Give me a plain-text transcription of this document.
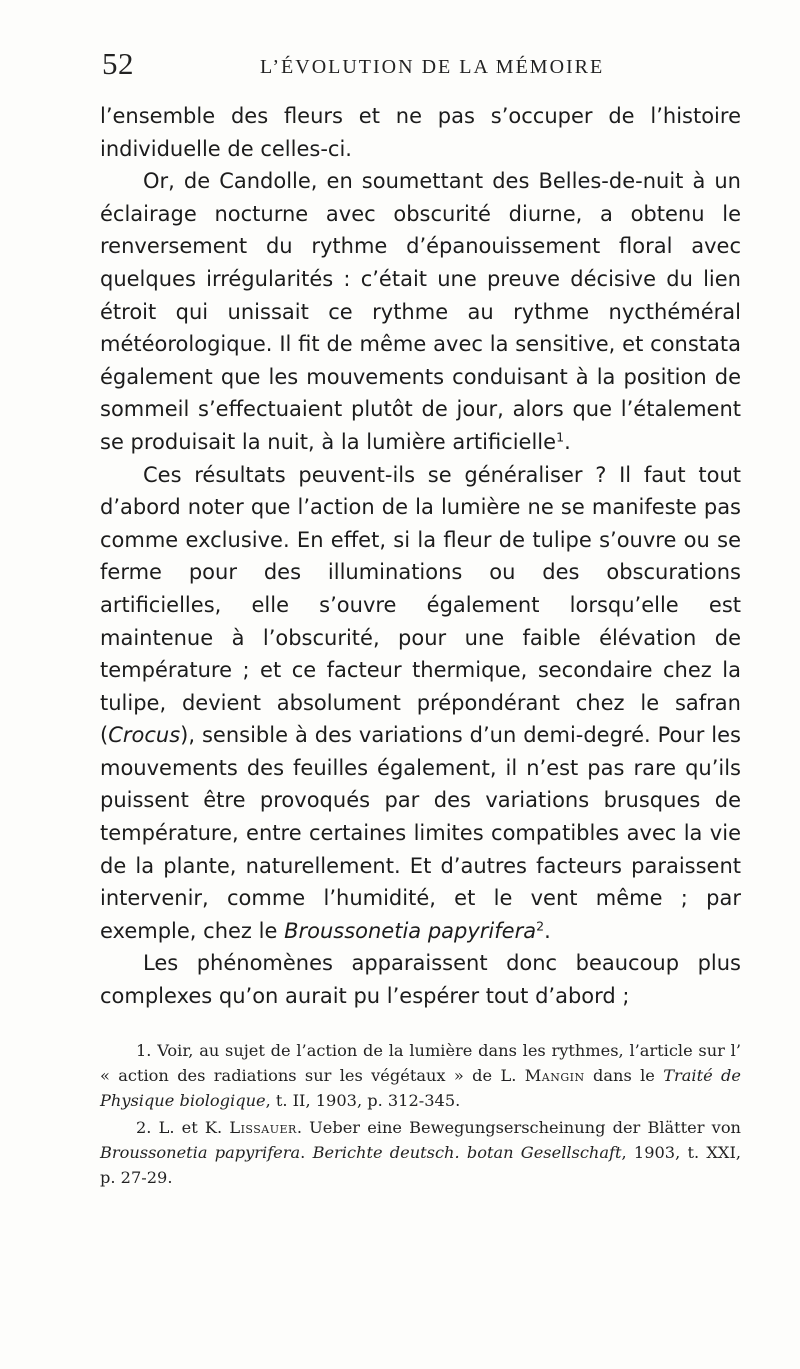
52	L’ÉVOLUTION DE LA MÉMOIRE

l’ensemble des fleurs et ne pas s’occuper de l’histoire individuelle de celles-ci.

Or, de Candolle, en soumettant des Belles-de-nuit à un éclairage nocturne avec obscurité diurne, a obtenu le renversement du rythme d’épanouissement floral avec quelques irrégularités : c’était une preuve décisive du lien étroit qui unissait ce rythme au rythme nycthéméral météorologique. Il fit de même avec la sensitive, et constata également que les mouvements conduisant à la position de sommeil s’effectuaient plutôt de jour, alors que l’étalement se produisait la nuit, à la lumière artificielle$^1$.

Ces résultats peuvent-ils se généraliser ? Il faut tout d’abord noter que l’action de la lumière ne se manifeste pas comme exclusive. En effet, si la fleur de tulipe s’ouvre ou se ferme pour des illuminations ou des obscurations artificielles, elle s’ouvre également lorsqu’elle est maintenue à l’obscurité, pour une faible élévation de température ; et ce facteur thermique, secondaire chez la tulipe, devient absolument prépondérant chez le safran (Crocus), sensible à des variations d’un demi-degré. Pour les mouvements des feuilles également, il n’est pas rare qu’ils puissent être provoqués par des variations brusques de température, entre certaines limites compatibles avec la vie de la plante, naturellement. Et d’autres facteurs paraissent intervenir, comme l’humidité, et le vent même ; par exemple, chez le Broussonetia papyrifera$^2$.

Les phénomènes apparaissent donc beaucoup plus complexes qu’on aurait pu l’espérer tout d’abord ;

1. Voir, au sujet de l’action de la lumière dans les rythmes, l’article sur l’ « action des radiations sur les végétaux » de L. Mangin dans le Traité de Physique biologique, t. II, 1903, p. 312-345.

2. L. et K. Lissauer. Ueber eine Bewegungserscheinung der Blätter von Broussonetia papyrifera. Berichte deutsch. botan Gesellschaft, 1903, t. XXI, p. 27-29.
